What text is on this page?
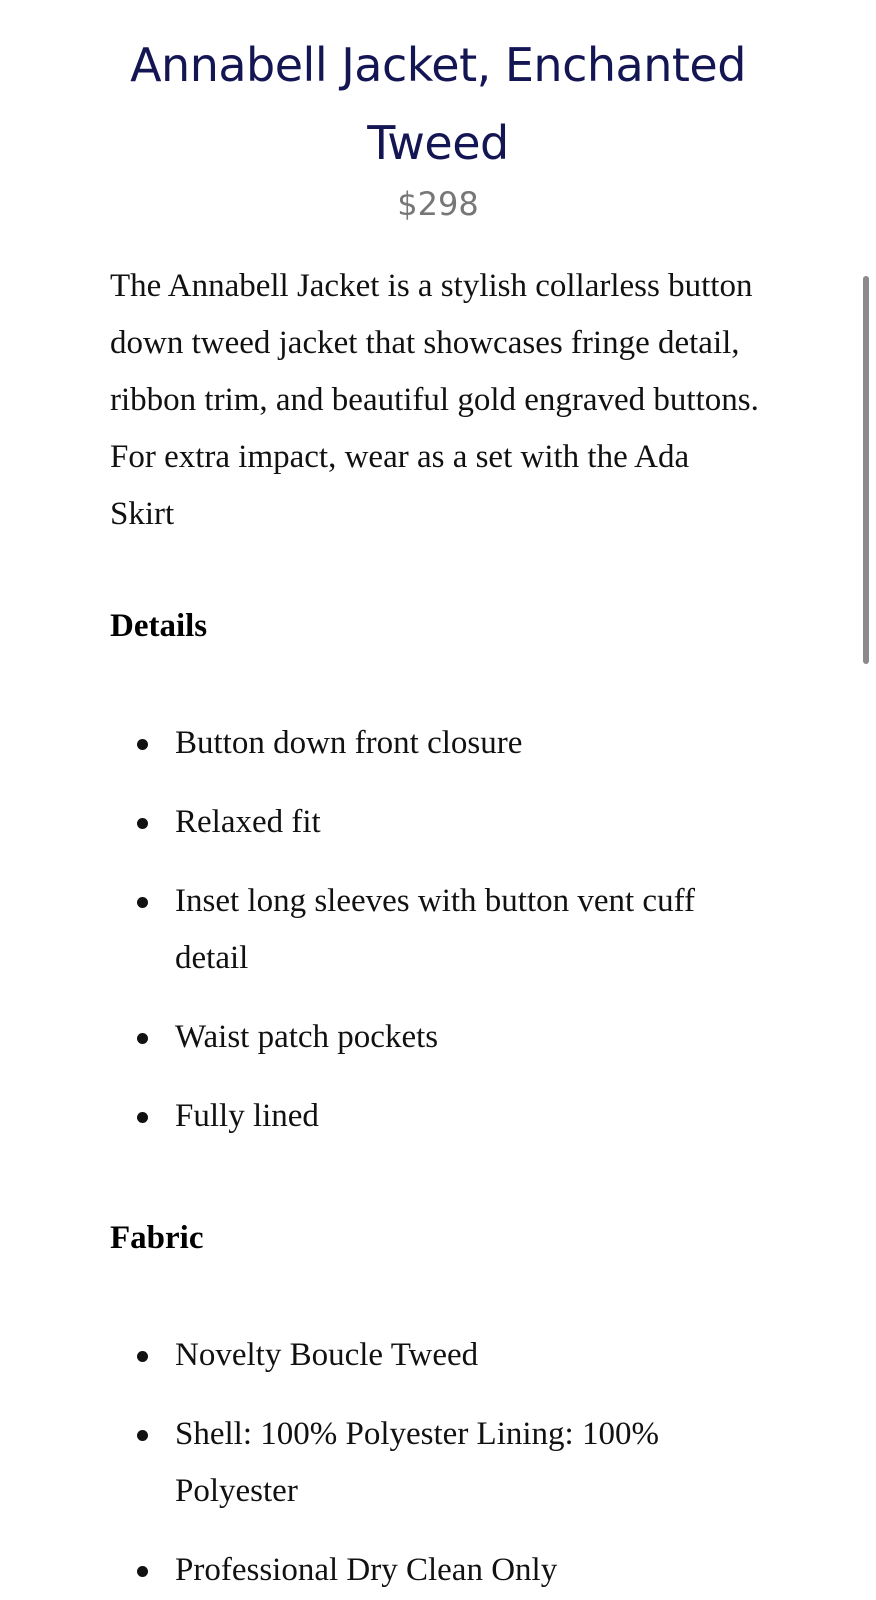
Annabell Jacket, Enchanted Tweed
$298

The Annabell Jacket is a stylish collarless button down tweed jacket that showcases fringe detail, ribbon trim, and beautiful gold engraved buttons. For extra impact, wear as a set with the Ada Skirt

Details
Button down front closure
Relaxed fit
Inset long sleeves with button vent cuff detail
Waist patch pockets
Fully lined
Fabric
Novelty Boucle Tweed
Shell: 100% Polyester Lining: 100% Polyester
Professional Dry Clean Only
